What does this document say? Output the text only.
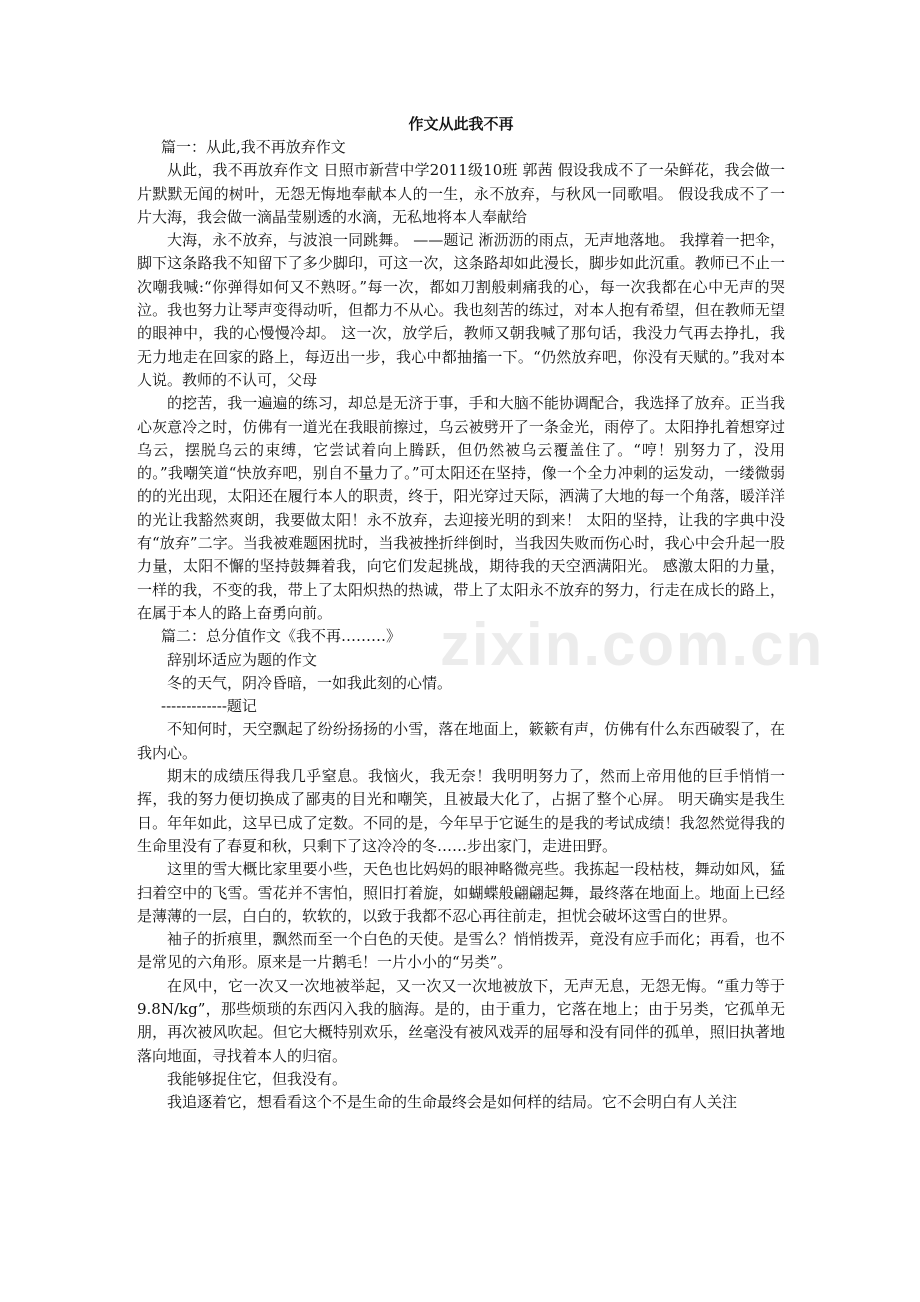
作文从此我不再

篇一：从此,我不再放弃作文

从此，我不再放弃作文 日照市新营中学2011级10班 郭茜 假设我成不了一朵鲜花，我会做一片默默无闻的树叶，无怨无悔地奉献本人的一生，永不放弃，与秋风一同歌唱。 假设我成不了一片大海，我会做一滴晶莹剔透的水滴，无私地将本人奉献给

大海，永不放弃，与波浪一同跳舞。 ——题记 淅沥沥的雨点，无声地落地。 我撑着一把伞，脚下这条路我不知留下了多少脚印，可这一次，这条路却如此漫长，脚步如此沉重。教师已不止一次嘲我喊:“你弹得如何又不熟呀。”每一次，都如刀割般刺痛我的心，每一次我都在心中无声的哭泣。我也努力让琴声变得动听，但都力不从心。我也刻苦的练过，对本人抱有希望，但在教师无望的眼神中，我的心慢慢冷却。 这一次，放学后，教师又朝我喊了那句话，我没力气再去挣扎，我无力地走在回家的路上，每迈出一步，我心中都抽搐一下。“仍然放弃吧，你没有天赋的。”我对本人说。教师的不认可，父母

的挖苦，我一遍遍的练习，却总是无济于事，手和大脑不能协调配合，我选择了放弃。正当我心灰意冷之时，仿佛有一道光在我眼前擦过，乌云被劈开了一条金光，雨停了。太阳挣扎着想穿过乌云，摆脱乌云的束缚，它尝试着向上腾跃，但仍然被乌云覆盖住了。“哼！别努力了，没用的。”我嘲笑道“快放弃吧，别自不量力了。”可太阳还在坚持，像一个全力冲刺的运发动，一缕微弱的的光出现，太阳还在履行本人的职责，终于，阳光穿过天际，洒满了大地的每一个角落，暖洋洋的光让我豁然爽朗，我要做太阳！永不放弃，去迎接光明的到来！ 太阳的坚持，让我的字典中没有“放弃”二字。当我被难题困扰时，当我被挫折绊倒时，当我因失败而伤心时，我心中会升起一股力量，太阳不懈的坚持鼓舞着我，向它们发起挑战，期待我的天空洒满阳光。 感激太阳的力量，一样的我，不变的我，带上了太阳炽热的热诚，带上了太阳永不放弃的努力，行走在成长的路上，在属于本人的路上奋勇向前。

篇二：总分值作文《我不再………》

辞别坏适应为题的作文

冬的天气，阴冷昏暗，一如我此刻的心情。

-------------题记

不知何时，天空飘起了纷纷扬扬的小雪，落在地面上，簌簌有声，仿佛有什么东西破裂了，在我内心。

期末的成绩压得我几乎窒息。我恼火，我无奈！我明明努力了，然而上帝用他的巨手悄悄一挥，我的努力便切换成了鄙夷的目光和嘲笑，且被最大化了，占据了整个心屏。 明天确实是我生日。年年如此，这早已成了定数。不同的是，今年早于它诞生的是我的考试成绩！我忽然觉得我的生命里没有了春夏和秋，只剩下了这冷冷的冬……步出家门，走进田野。

这里的雪大概比家里要小些，天色也比妈妈的眼神略微亮些。我拣起一段枯枝，舞动如风，猛扫着空中的飞雪。雪花并不害怕，照旧打着旋，如蝴蝶般翩翩起舞，最终落在地面上。地面上已经是薄薄的一层，白白的，软软的，以致于我都不忍心再往前走，担忧会破坏这雪白的世界。

袖子的折痕里，飘然而至一个白色的天使。是雪么？悄悄拨弄，竟没有应手而化；再看，也不是常见的六角形。原来是一片鹅毛！一片小小的“另类”。

在风中，它一次又一次地被举起，又一次又一次地被放下，无声无息，无怨无悔。“重力等于9.8N/kg”，那些烦琐的东西闪入我的脑海。是的，由于重力，它落在地上；由于另类，它孤单无朋，再次被风吹起。但它大概特别欢乐，丝毫没有被风戏弄的屈辱和没有同伴的孤单，照旧执著地落向地面，寻找着本人的归宿。

我能够捉住它，但我没有。

我追逐着它，想看看这个不是生命的生命最终会是如何样的结局。它不会明白有人关注

zixin.com.cn
